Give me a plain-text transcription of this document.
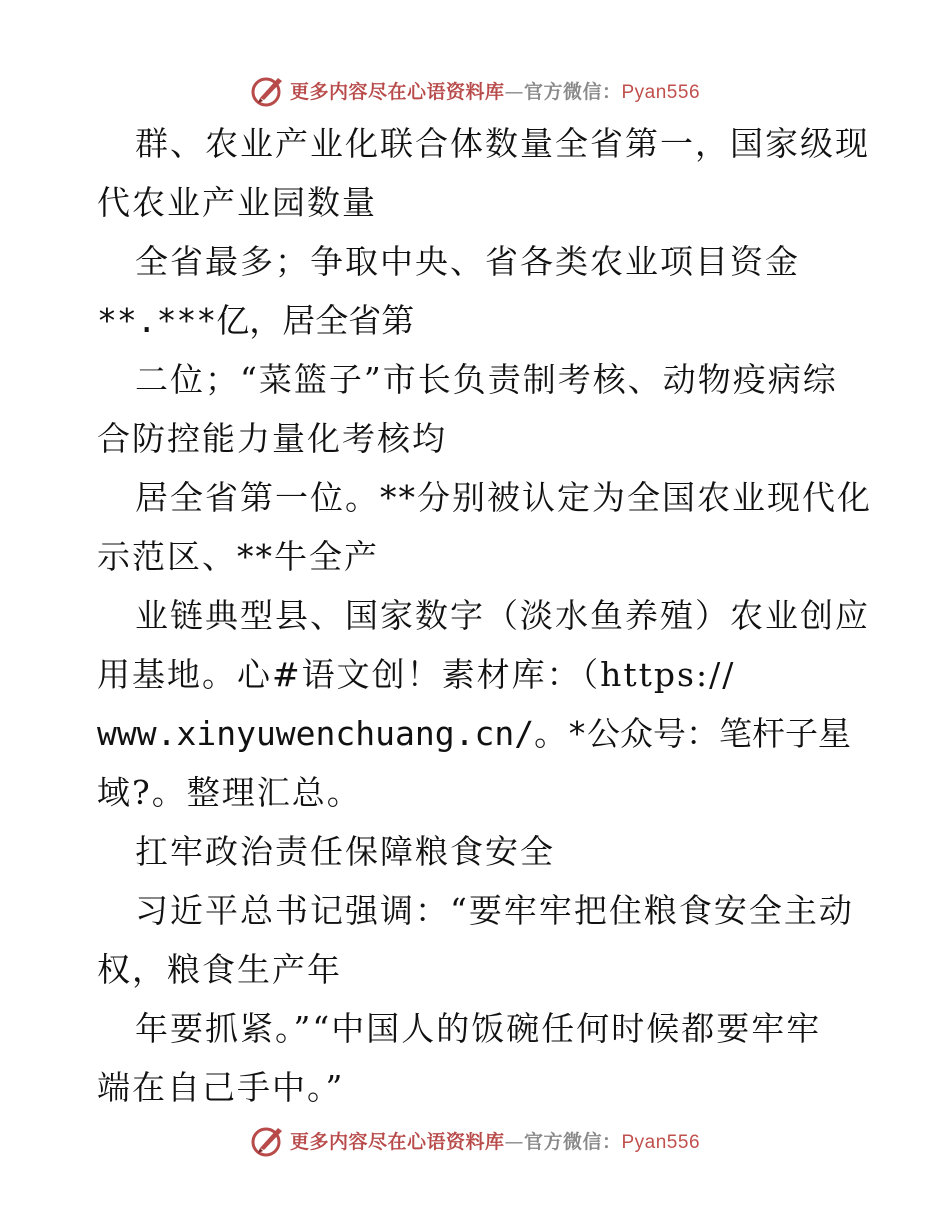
更多内容尽在心语资料库—官方微信：Pyan556
群、农业产业化联合体数量全省第一，国家级现
代农业产业园数量
全省最多；争取中央、省各类农业项目资金
**.***亿，居全省第
二位；“菜篮子”市长负责制考核、动物疫病综
合防控能力量化考核均
居全省第一位。**分别被认定为全国农业现代化
示范区、**牛全产
业链典型县、国家数字（淡水鱼养殖）农业创应
用基地。心#语文创！素材库：（https://
www.xinyuwenchuang.cn/。*公众号：笔杆子星
域?。整理汇总。
扛牢政治责任保障粮食安全
习近平总书记强调：“要牢牢把住粮食安全主动
权，粮食生产年
年要抓紧。”“中国人的饭碗任何时候都要牢牢
端在自己手中。”
更多内容尽在心语资料库—官方微信：Pyan556
